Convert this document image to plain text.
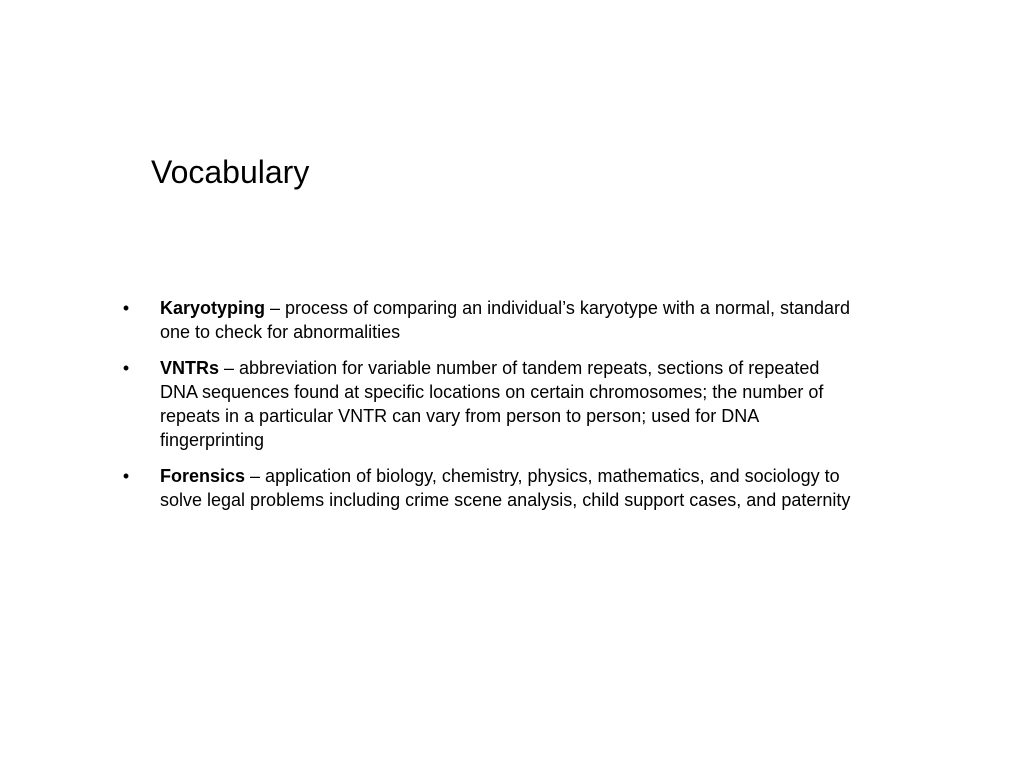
Vocabulary
• Karyotyping – process of comparing an individual’s karyotype with a normal, standard one to check for abnormalities
• VNTRs – abbreviation for variable number of tandem repeats, sections of repeated DNA sequences found at specific locations on certain chromosomes; the number of repeats in a particular VNTR can vary from person to person; used for DNA fingerprinting
• Forensics – application of biology, chemistry, physics, mathematics, and sociology to solve legal problems including crime scene analysis, child support cases, and paternity
